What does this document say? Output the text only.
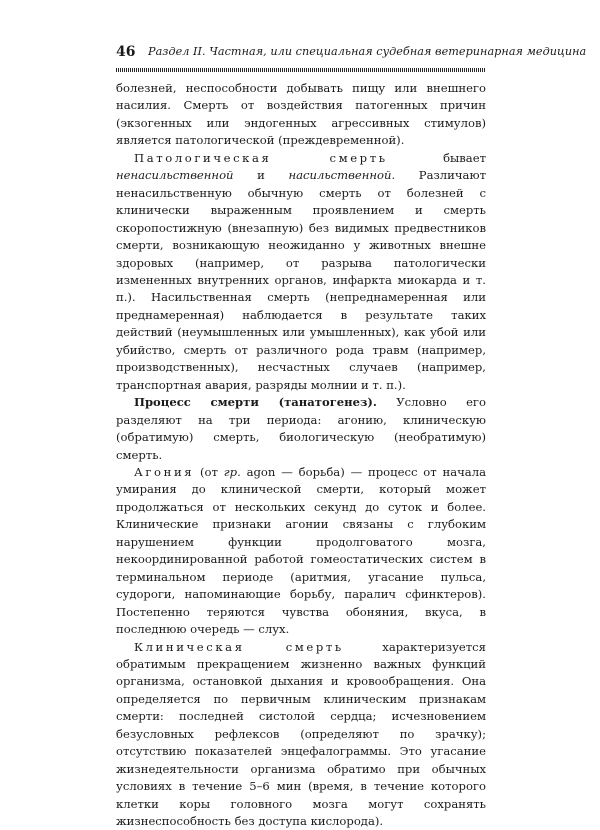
46 Раздел II. Частная, или специальная судебная ветеринарная медицина

болезней, неспособности добывать пищу или внешнего насилия. Смерть от воздействия патогенных причин (экзогенных или эндогенных агрессивных стимулов) является патологической (преждевременной).

Патологическая смерть бывает ненасильственной и насильственной. Различают ненасильственную обычную смерть от болезней с клинически выраженным проявлением и смерть скоропостижную (внезапную) без видимых предвестников смерти, возникающую неожиданно у животных внешне здоровых (например, от разрыва патологически измененных внутренних органов, инфаркта миокарда и т. п.). Насильственная смерть (непреднамеренная или преднамеренная) наблюдается в результате таких действий (неумышленных или умышленных), как убой или убийство, смерть от различного рода травм (например, производственных), несчастных случаев (например, транспортная авария, разряды молнии и т. п.).

Процесс смерти (танатогенез). Условно его разделяют на три периода: агонию, клиническую (обратимую) смерть, биологическую (необратимую) смерть.

Агония (от гр. agon — борьба) — процесс от начала умирания до клинической смерти, который может продолжаться от нескольких секунд до суток и более. Клинические признаки агонии связаны с глубоким нарушением функции продолговатого мозга, некоординированной работой гомеостатических систем в терминальном периоде (аритмия, угасание пульса, судороги, напоминающие борьбу, паралич сфинктеров). Постепенно теряются чувства обоняния, вкуса, в последнюю очередь — слух.

Клиническая смерть характеризуется обратимым прекращением жизненно важных функций организма, остановкой дыхания и кровообращения. Она определяется по первичным клиническим признакам смерти: последней систолой сердца; исчезновением безусловных рефлексов (определяют по зрачку); отсутствию показателей энцефалограммы. Это угасание жизнедеятельности организма обратимо при обычных условиях в течение 5–6 мин (время, в течение которого клетки коры головного мозга могут сохранять жизнеспособность без доступа кислорода).
